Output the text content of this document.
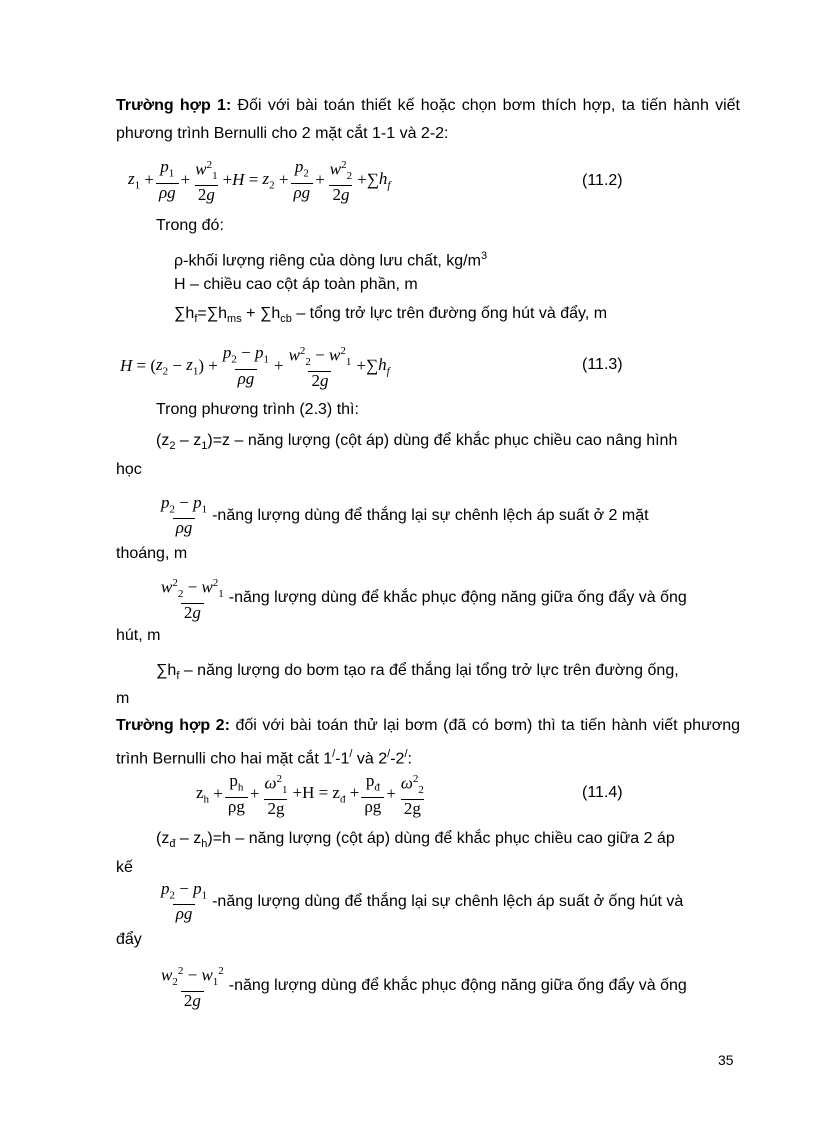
Trường hợp 1: Đối với bài toán thiết kế hoặc chọn bơm thích hợp, ta tiến hành viết phương trình Bernulli cho 2 mặt cắt 1-1 và 2-2:
$z_1 + \frac{p_1}{\rho g} + \frac{w^2_1}{2g} + H = z_2 + \frac{p_2}{\rho g} + \frac{w^2_2}{2g}$ + ∑ $h_f$	(11.2)
Trong đó:
ρ-khối lượng riêng của dòng lưu chất, $kg/m^3$
H – chiều cao cột áp toàn phần, m
$\sum h_f=\sum h_{ms} + \sum h_{cb}$ – tổng trở lực trên đường ống hút và đẩy, m
H = ( $z_2 - z_1$ ) + $\frac{p_2 - p_1}{\rho g} + \frac{w^2_2 - w^2_1}{2g}$ + ∑ $h_f$	(11.3)
Trong phương trình (2.3) thì:
$(z_2 - z_1)=z$ – năng lượng (cột áp) dùng để khắc phục chiều cao nâng hình
học
$\frac{p_2 - p_1}{\rho g}$ -năng lượng dùng để thắng lại sự chênh lệch áp suất ở 2 mặt
thoáng, m
$\frac{w^2_2 - w^2_1}{2g}$ -năng lượng dùng để khắc phục động năng giữa ống đẩy và ống
hút, m
$\sum h_f$ – năng lượng do bơm tạo ra để thắng lại tổng trở lực trên đường ống,
m
Trường hợp 2: đối với bài toán thử lại bơm (đã có bơm) thì ta tiến hành viết phương trình Bernulli cho hai mặt cắt 1/-1/ và 2/-2/:
$z_h + \frac{p_h}{\rho g} + \frac{\omega^2_1}{2g} +H = z_đ + \frac{p_đ}{\rho g} + \frac{\omega^2_2}{2g}$	(11.4)
$(z_đ - z_h)=h$ – năng lượng (cột áp) dùng để khắc phục chiều cao giữa 2 áp
kế
$\frac{p_2 - p_1}{\rho g}$ -năng lượng dùng để thắng lại sự chênh lệch áp suất ở ống hút và
đẩy
$\frac{w_2^2 - w_1^2}{2g}$ -năng lượng dùng để khắc phục động năng giữa ống đẩy và ống
35
